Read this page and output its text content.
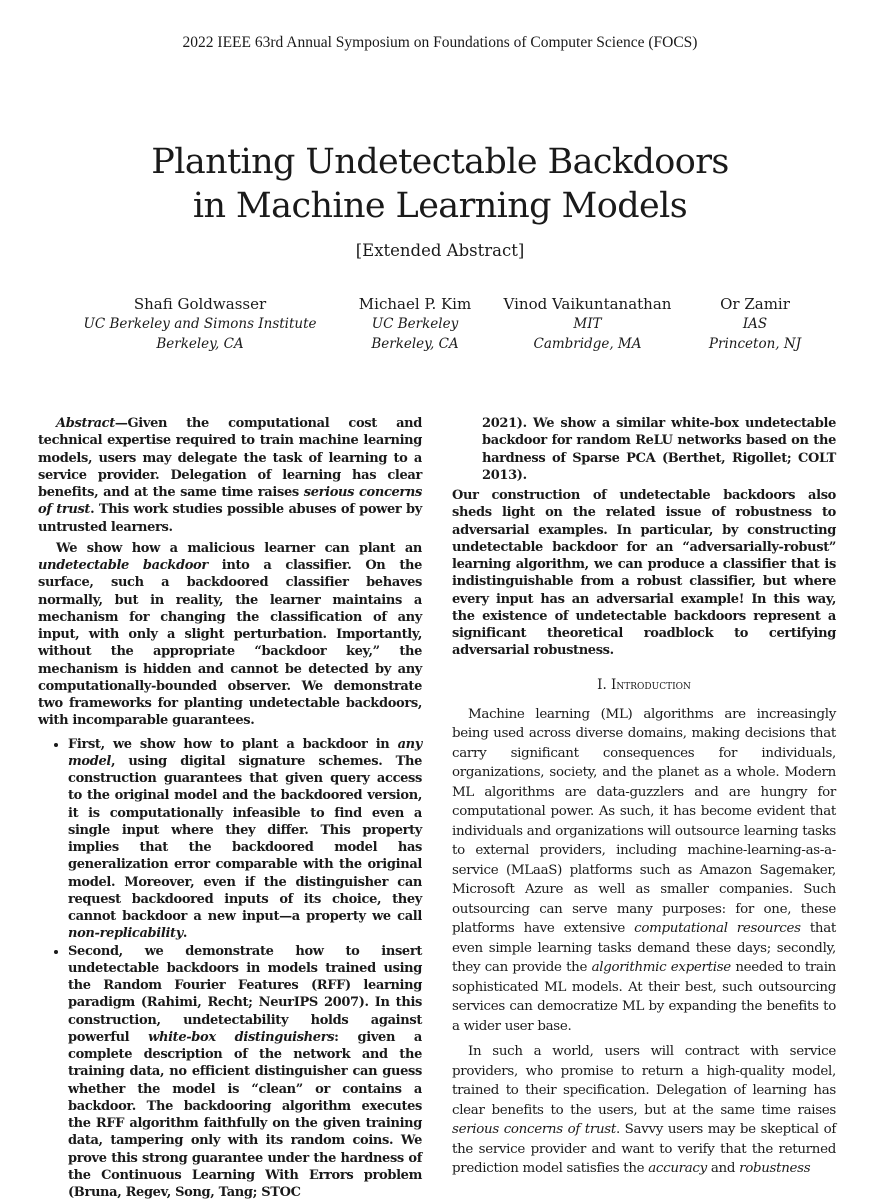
2022 IEEE 63rd Annual Symposium on Foundations of Computer Science (FOCS)
Planting Undetectable Backdoors
in Machine Learning Models
[Extended Abstract]
Shafi Goldwasser
UC Berkeley and Simons Institute
Berkeley, CA
Michael P. Kim
UC Berkeley
Berkeley, CA
Vinod Vaikuntanathan
MIT
Cambridge, MA
Or Zamir
IAS
Princeton, NJ

Abstract—Given the computational cost and technical expertise required to train machine learning models, users may delegate the task of learning to a service provider. Delegation of learning has clear benefits, and at the same time raises serious concerns of trust. This work studies possible abuses of power by untrusted learners.

We show how a malicious learner can plant an undetectable backdoor into a classifier. On the surface, such a backdoored classifier behaves normally, but in reality, the learner maintains a mechanism for changing the classification of any input, with only a slight perturbation. Importantly, without the appropriate “backdoor key,” the mechanism is hidden and cannot be detected by any computationally-bounded observer. We demonstrate two frameworks for planting undetectable backdoors, with incomparable guarantees.

• First, we show how to plant a backdoor in any model, using digital signature schemes. The construction guarantees that given query access to the original model and the backdoored version, it is computationally infeasible to find even a single input where they differ. This property implies that the backdoored model has generalization error comparable with the original model. Moreover, even if the distinguisher can request backdoored inputs of its choice, they cannot backdoor a new input—a property we call non-replicability.
• Second, we demonstrate how to insert undetectable backdoors in models trained using the Random Fourier Features (RFF) learning paradigm (Rahimi, Recht; NeurIPS 2007). In this construction, undetectability holds against powerful white-box distinguishers: given a complete description of the network and the training data, no efficient distinguisher can guess whether the model is “clean” or contains a backdoor. The backdooring algorithm executes the RFF algorithm faithfully on the given training data, tampering only with its random coins. We prove this strong guarantee under the hardness of the Continuous Learning With Errors problem (Bruna, Regev, Song, Tang; STOC
2021). We show a similar white-box undetectable backdoor for random ReLU networks based on the hardness of Sparse PCA (Berthet, Rigollet; COLT 2013).

Our construction of undetectable backdoors also sheds light on the related issue of robustness to adversarial examples. In particular, by constructing undetectable backdoor for an “adversarially-robust” learning algorithm, we can produce a classifier that is indistinguishable from a robust classifier, but where every input has an adversarial example! In this way, the existence of undetectable backdoors represent a significant theoretical roadblock to certifying adversarial robustness.

I. Introduction

Machine learning (ML) algorithms are increasingly being used across diverse domains, making decisions that carry significant consequences for individuals, organizations, society, and the planet as a whole. Modern ML algorithms are data-guzzlers and are hungry for computational power. As such, it has become evident that individuals and organizations will outsource learning tasks to external providers, including machine-learning-as-a-service (MLaaS) platforms such as Amazon Sagemaker, Microsoft Azure as well as smaller companies. Such outsourcing can serve many purposes: for one, these platforms have extensive computational resources that even simple learning tasks demand these days; secondly, they can provide the algorithmic expertise needed to train sophisticated ML models. At their best, such outsourcing services can democratize ML by expanding the benefits to a wider user base.

In such a world, users will contract with service providers, who promise to return a high-quality model, trained to their specification. Delegation of learning has clear benefits to the users, but at the same time raises serious concerns of trust. Savvy users may be skeptical of the service provider and want to verify that the returned prediction model satisfies the accuracy and robustness
